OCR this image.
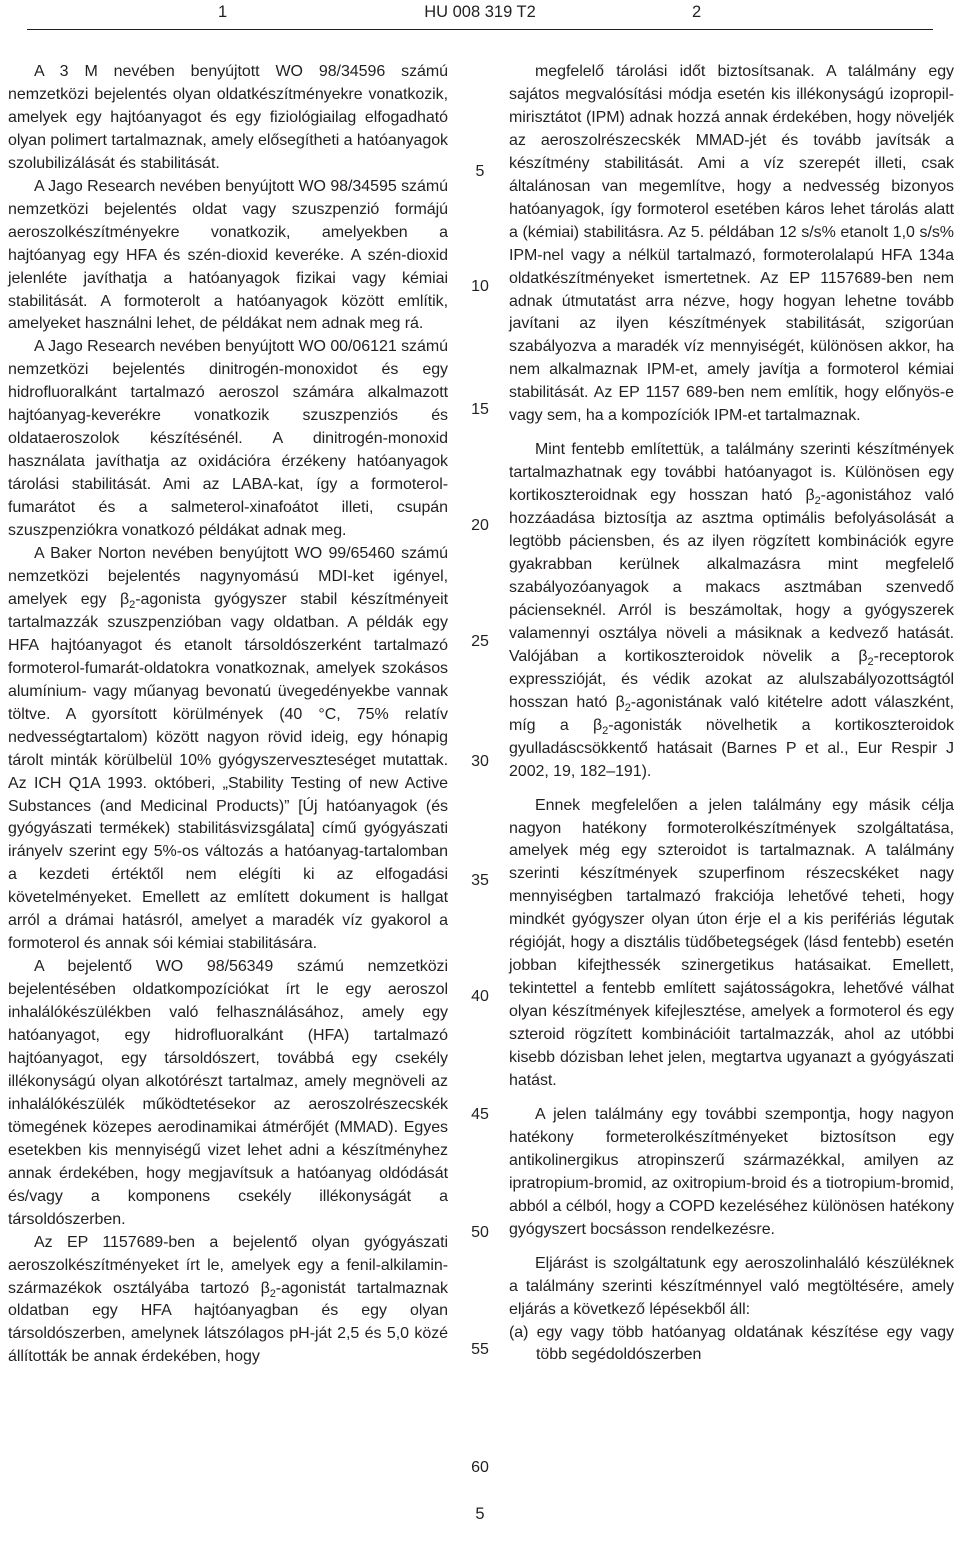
1	HU 008 319 T2	2

A 3 M nevében benyújtott WO 98/34596 számú nemzetközi bejelentés olyan oldatkészítményekre vonatkozik, amelyek egy hajtóanyagot és egy fiziológiailag elfogadható olyan polimert tartalmaznak, amely elősegítheti a hatóanyagok szolubilizálását és stabilitását.

A Jago Research nevében benyújtott WO 98/34595 számú nemzetközi bejelentés oldat vagy szuszpenzió formájú aeroszolkészítményekre vonatkozik, amelyekben a hajtóanyag egy HFA és szén-dioxid keveréke. A szén-dioxid jelenléte javíthatja a hatóanyagok fizikai vagy kémiai stabilitását. A formoterolt a hatóanyagok között említik, amelyeket használni lehet, de példákat nem adnak meg rá.

A Jago Research nevében benyújtott WO 00/06121 számú nemzetközi bejelentés dinitrogén-monoxidot és egy hidrofluoralkánt tartalmazó aeroszol számára alkalmazott hajtóanyag-keverékre vonatkozik szuszpenziós és oldataeroszolok készítésénél. A dinitrogén-monoxid használata javíthatja az oxidációra érzékeny hatóanyagok tárolási stabilitását. Ami az LABA-kat, így a formoterol-fumarátot és a salmeterol-xinafoátot illeti, csupán szuszpenziókra vonatkozó példákat adnak meg.

A Baker Norton nevében benyújtott WO 99/65460 számú nemzetközi bejelentés nagynyomású MDI-ket igényel, amelyek egy $\beta_2$-agonista gyógyszer stabil készítményeit tartalmazzák szuszpenzióban vagy oldatban. A példák egy HFA hajtóanyagot és etanolt társoldószerként tartalmazó formoterol-fumarát-oldatokra vonatkoznak, amelyek szokásos alumínium- vagy műanyag bevonatú üvegedényekbe vannak töltve. A gyorsított körülmények (40 °C, 75% relatív nedvességtartalom) között nagyon rövid ideig, egy hónapig tárolt minták körülbelül 10% gyógyszerveszteséget mutattak. Az ICH Q1A 1993. októberi, „Stability Testing of new Active Substances (and Medicinal Products)” [Új hatóanyagok (és gyógyászati termékek) stabilitásvizsgálata] című gyógyászati irányelv szerint egy 5%-os változás a hatóanyag-tartalomban a kezdeti értéktől nem elégíti ki az elfogadási követelményeket. Emellett az említett dokument is hallgat arról a drámai hatásról, amelyet a maradék víz gyakorol a formoterol és annak sói kémiai stabilitására.

A bejelentő WO 98/56349 számú nemzetközi bejelentésében oldatkompozíciókat írt le egy aeroszol inhalálókészülékben való felhasználásához, amely egy hatóanyagot, egy hidrofluoralkánt (HFA) tartalmazó hajtóanyagot, egy társoldószert, továbbá egy csekély illékonyságú olyan alkotórészt tartalmaz, amely megnöveli az inhalálókészülék működtetésekor az aeroszolrészecskék tömegének közepes aerodinamikai átmérőjét (MMAD). Egyes esetekben kis mennyiségű vizet lehet adni a készítményhez annak érdekében, hogy megjavítsuk a hatóanyag oldódását és/vagy a komponens csekély illékonyságát a társoldószerben.

Az EP 1157689-ben a bejelentő olyan gyógyászati aeroszolkészítményeket írt le, amelyek egy a fenil-alkilamin-származékok osztályába tartozó $\beta_2$-agonistát tartalmaznak oldatban egy HFA hajtóanyagban és egy olyan társoldószerben, amelynek látszólagos pH-ját 2,5 és 5,0 közé állították be annak érdekében, hogy

megfelelő tárolási időt biztosítsanak. A találmány egy sajátos megvalósítási módja esetén kis illékonyságú izopropil-mirisztátot (IPM) adnak hozzá annak érdekében, hogy növeljék az aeroszolrészecskék MMAD-jét és tovább javítsák a készítmény stabilitását. Ami a víz szerepét illeti, csak általánosan van megemlítve, hogy a nedvesség bizonyos hatóanyagok, így formoterol esetében káros lehet tárolás alatt a (kémiai) stabilitásra. Az 5. példában 12 s/s% etanolt 1,0 s/s% IPM-nel vagy a nélkül tartalmazó, formoterolalapú HFA 134a oldatkészítményeket ismertetnek. Az EP 1157689-ben nem adnak útmutatást arra nézve, hogy hogyan lehetne tovább javítani az ilyen készítmények stabilitását, szigorúan szabályozva a maradék víz mennyiségét, különösen akkor, ha nem alkalmaznak IPM-et, amely javítja a formoterol kémiai stabilitását. Az EP 1157 689-ben nem említik, hogy előnyös-e vagy sem, ha a kompozíciók IPM-et tartalmaznak.

Mint fentebb említettük, a találmány szerinti készítmények tartalmazhatnak egy további hatóanyagot is. Különösen egy kortikoszteroidnak egy hosszan ható $\beta_2$-agonistához való hozzáadása biztosítja az asztma optimális befolyásolását a legtöbb páciensben, és az ilyen rögzített kombinációk egyre gyakrabban kerülnek alkalmazásra mint megfelelő szabályozóanyagok a makacs asztmában szenvedő pácienseknél. Arról is beszámoltak, hogy a gyógyszerek valamennyi osztálya növeli a másiknak a kedvező hatását. Valójában a kortikoszteroidok növelik a $\beta_2$-receptorok expresszióját, és védik azokat az alulszabályozottságtól hosszan ható $\beta_2$-agonistának való kitételre adott válaszként, míg a $\beta_2$-agonisták növelhetik a kortikoszteroidok gyulladáscsökkentő hatásait (Barnes P et al., Eur Respir J 2002, 19, 182–191).

Ennek megfelelően a jelen találmány egy másik célja nagyon hatékony formoterolkészítmények szolgáltatása, amelyek még egy szteroidot is tartalmaznak. A találmány szerinti készítmények szuperfinom részecskéket nagy mennyiségben tartalmazó frakciója lehetővé teheti, hogy mindkét gyógyszer olyan úton érje el a kis perifériás légutak régióját, hogy a disztális tüdőbetegségek (lásd fentebb) esetén jobban kifejthessék szinergetikus hatásaikat. Emellett, tekintettel a fentebb említett sajátosságokra, lehetővé válhat olyan készítmények kifejlesztése, amelyek a formoterol és egy szteroid rögzített kombinációit tartalmazzák, ahol az utóbbi kisebb dózisban lehet jelen, megtartva ugyanazt a gyógyászati hatást.

A jelen találmány egy további szempontja, hogy nagyon hatékony formeterolkészítményeket biztosítson egy antikolinergikus atropinszerű származékkal, amilyen az ipratropium-bromid, az oxitropium-broid és a tiotropium-bromid, abból a célból, hogy a COPD kezeléséhez különösen hatékony gyógyszert bocsásson rendelkezésre.

Eljárást is szolgáltatunk egy aeroszolinhaláló készüléknek a találmány szerinti készítménnyel való megtöltésére, amely eljárás a következő lépésekből áll:

(a) egy vagy több hatóanyag oldatának készítése egy vagy több segédoldószerben

5
10
15
20
25
30
35
40
45
50
55
60
5
